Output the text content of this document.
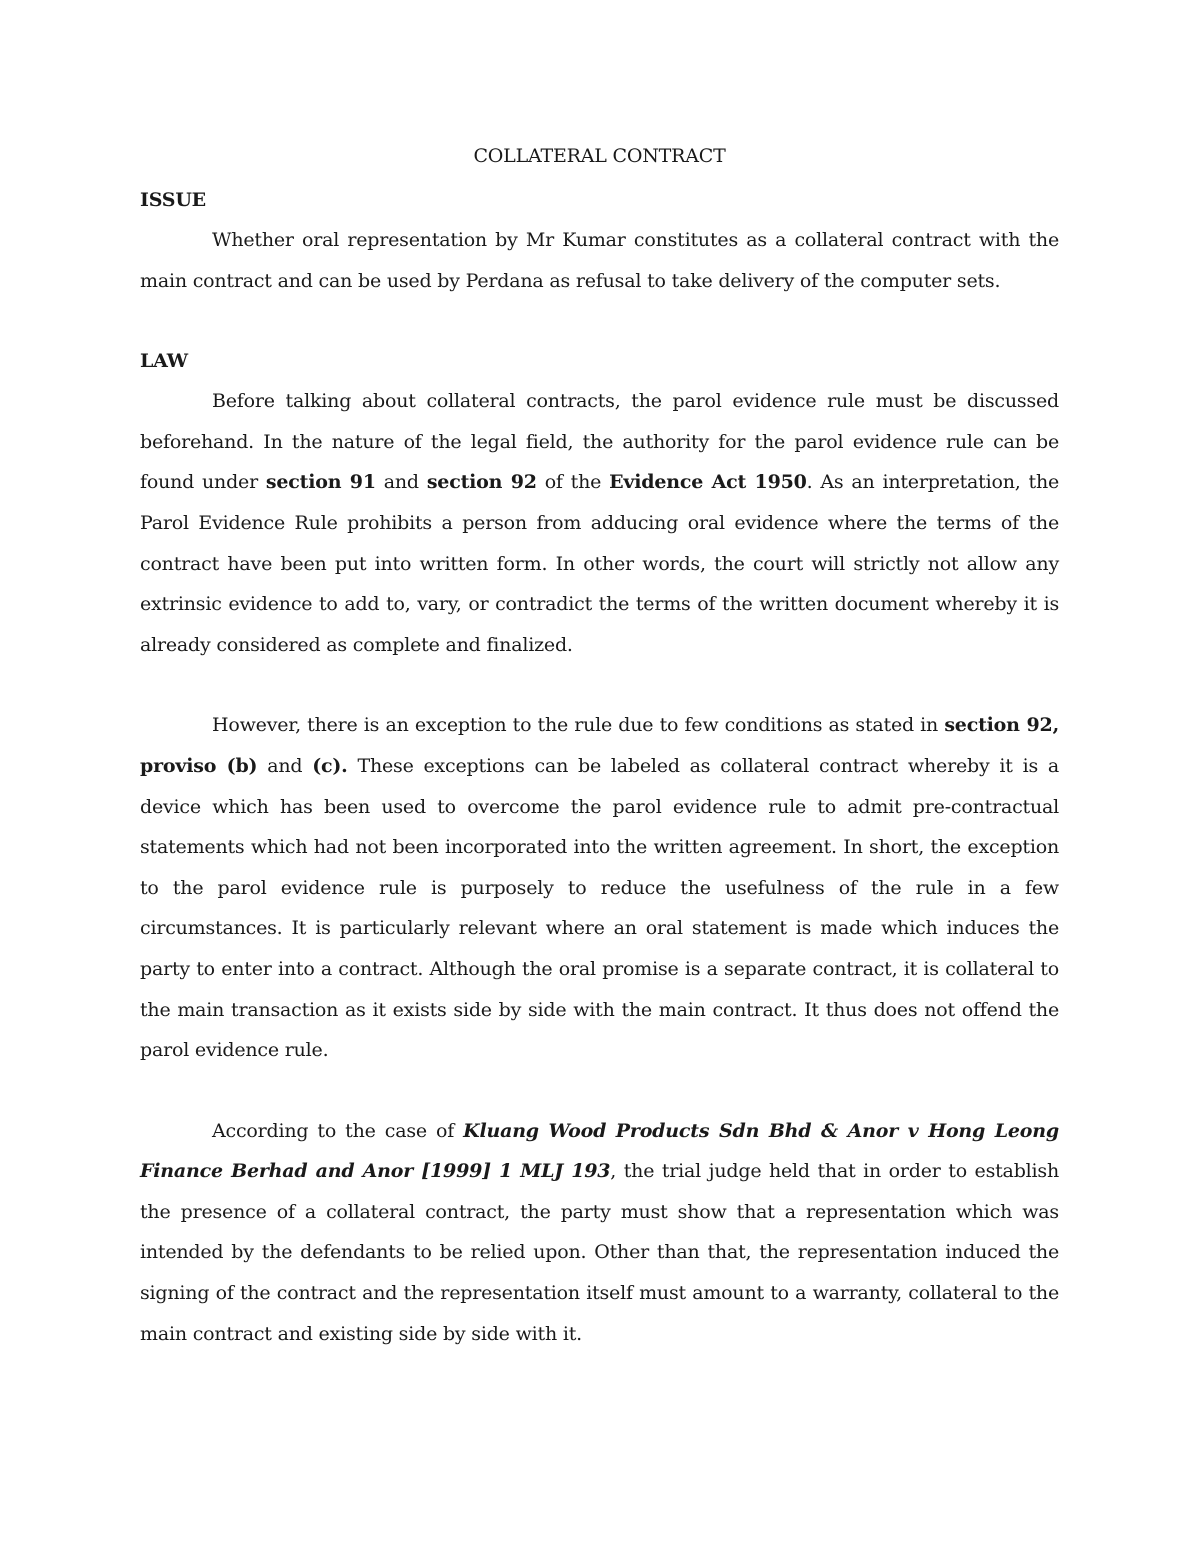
COLLATERAL CONTRACT
ISSUE

Whether oral representation by Mr Kumar constitutes as a collateral contract with the main contract and can be used by Perdana as refusal to take delivery of the computer sets.

LAW

Before talking about collateral contracts, the parol evidence rule must be discussed beforehand. In the nature of the legal field, the authority for the parol evidence rule can be found under section 91 and section 92 of the Evidence Act 1950. As an interpretation, the Parol Evidence Rule prohibits a person from adducing oral evidence where the terms of the contract have been put into written form. In other words, the court will strictly not allow any extrinsic evidence to add to, vary, or contradict the terms of the written document whereby it is already considered as complete and finalized.

However, there is an exception to the rule due to few conditions as stated in section 92, proviso (b) and (c). These exceptions can be labeled as collateral contract whereby it is a device which has been used to overcome the parol evidence rule to admit pre-contractual statements which had not been incorporated into the written agreement. In short, the exception to the parol evidence rule is purposely to reduce the usefulness of the rule in a few circumstances. It is particularly relevant where an oral statement is made which induces the party to enter into a contract. Although the oral promise is a separate contract, it is collateral to the main transaction as it exists side by side with the main contract. It thus does not offend the parol evidence rule.

According to the case of Kluang Wood Products Sdn Bhd & Anor v Hong Leong Finance Berhad and Anor [1999] 1 MLJ 193, the trial judge held that in order to establish the presence of a collateral contract, the party must show that a representation which was intended by the defendants to be relied upon. Other than that, the representation induced the signing of the contract and the representation itself must amount to a warranty, collateral to the main contract and existing side by side with it.
